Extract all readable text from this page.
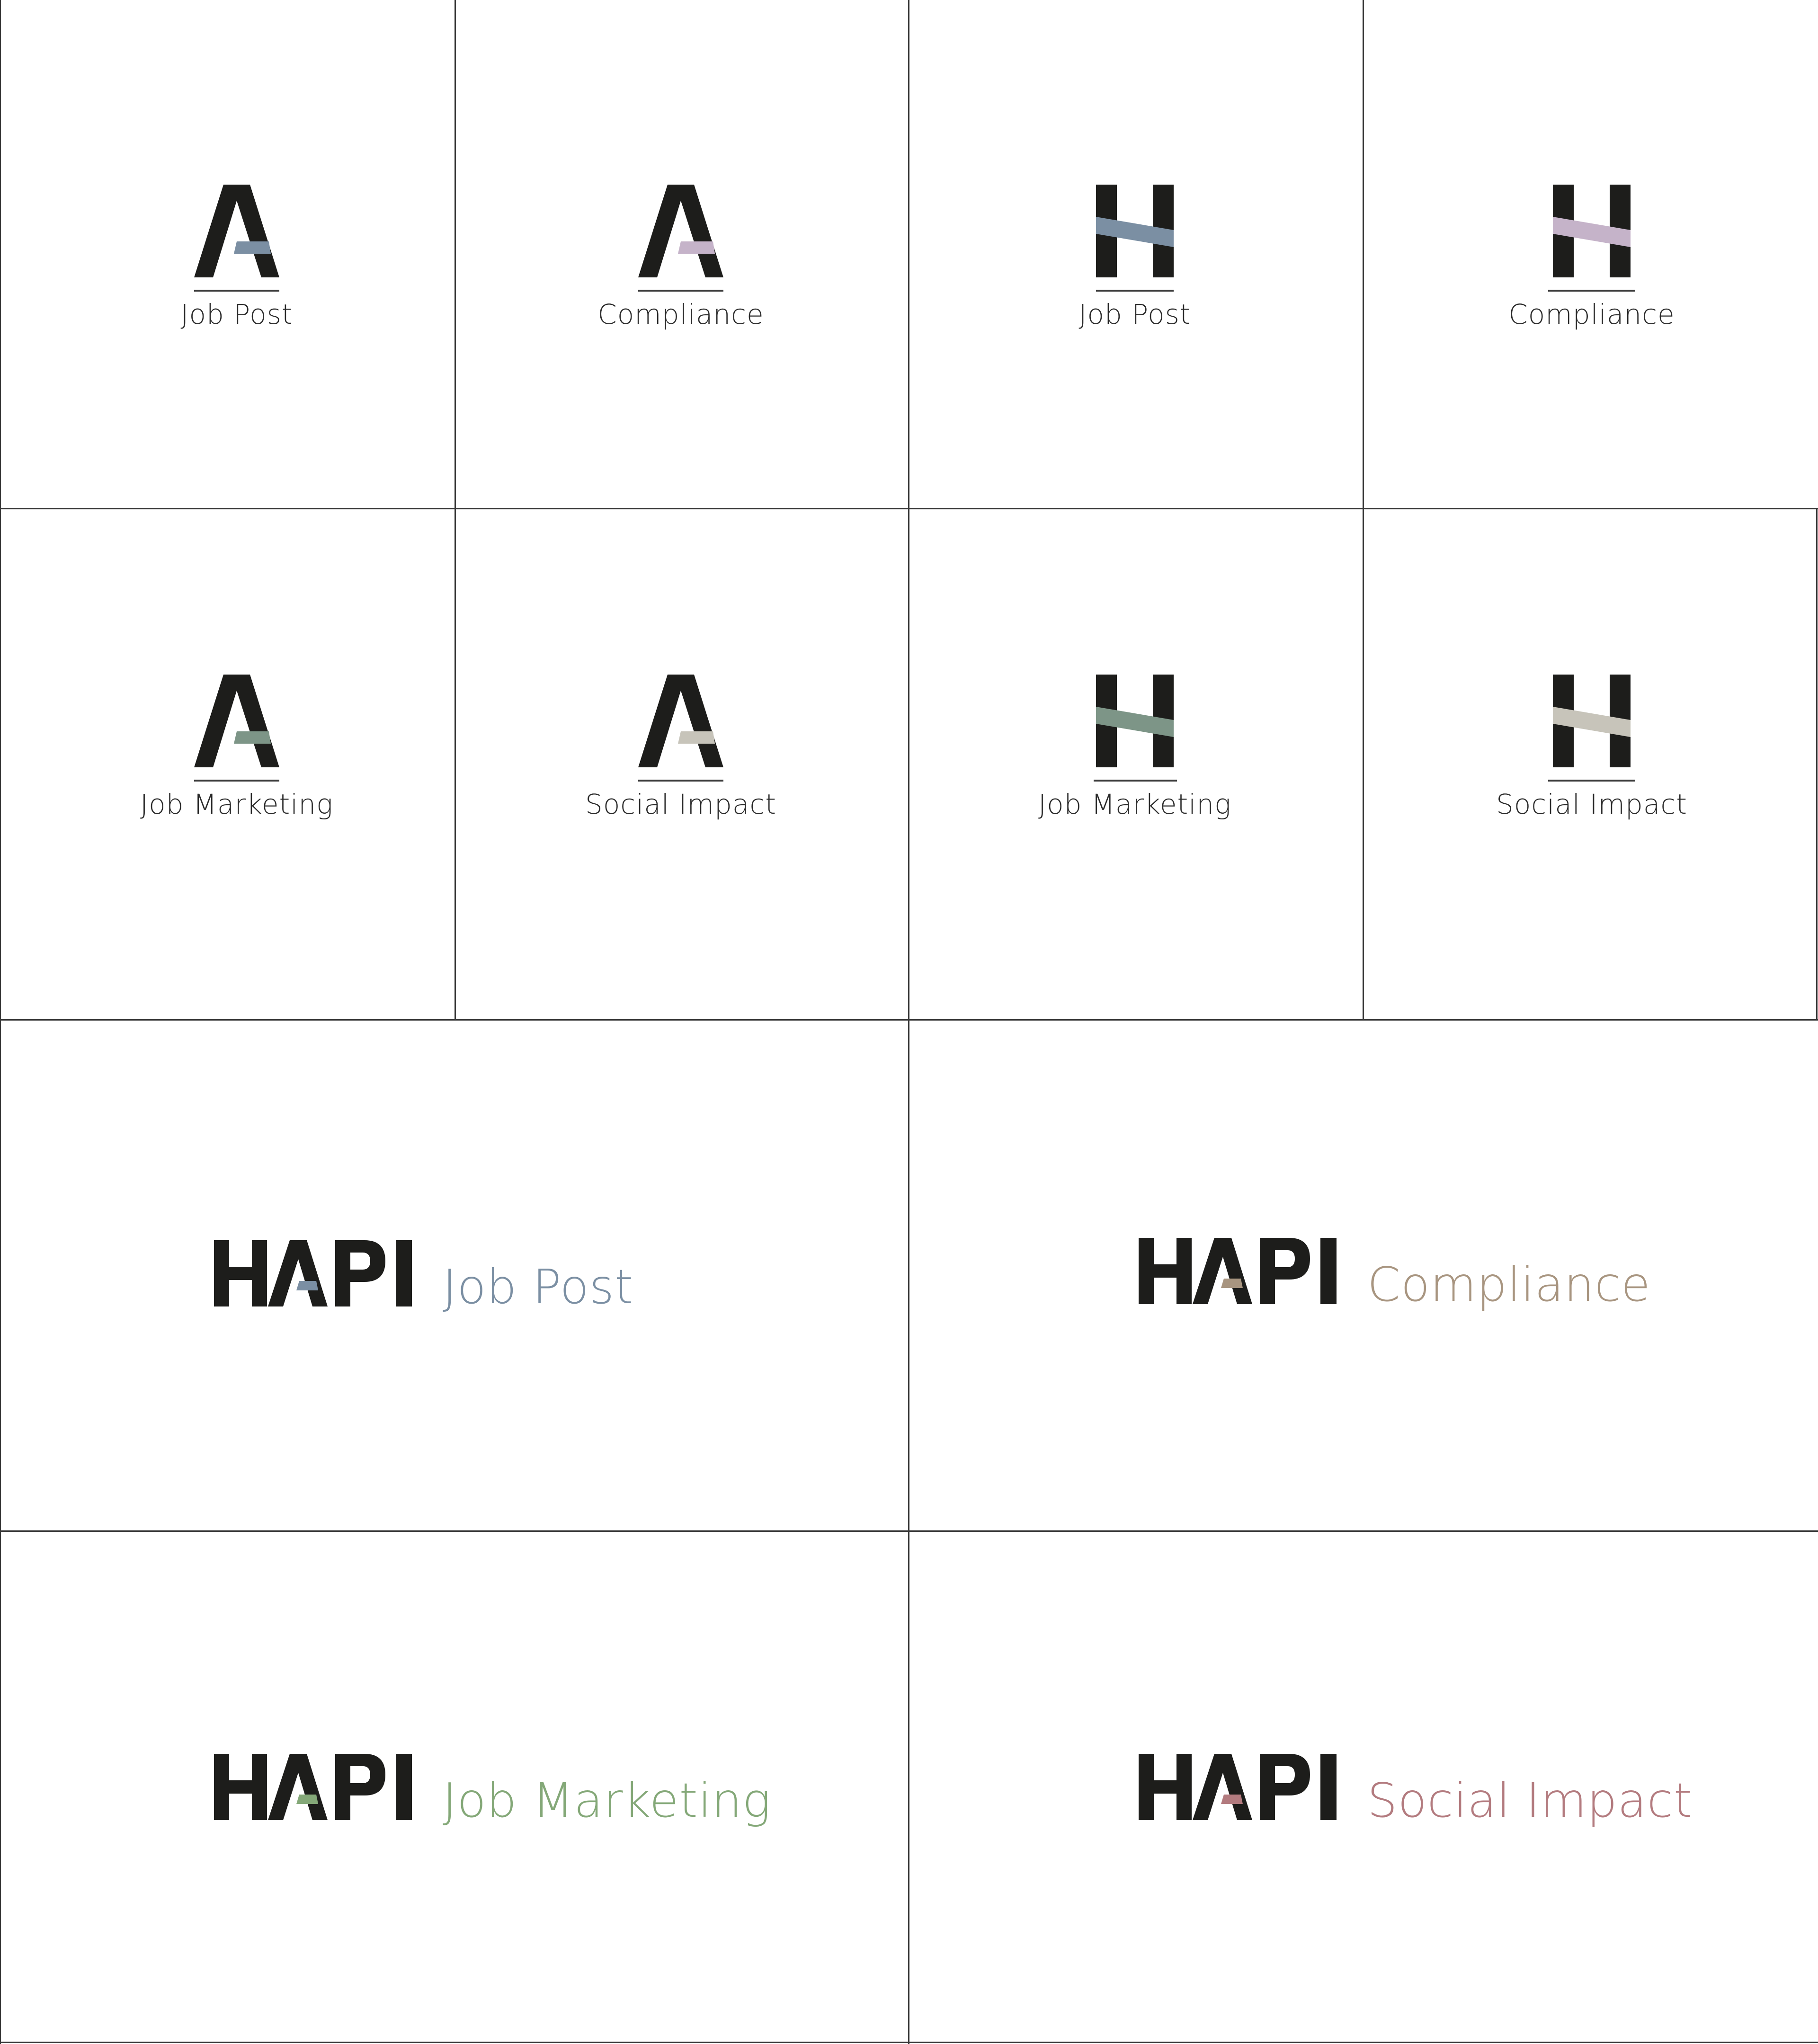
Job Post	Compliance	Job Post	Compliance
Job Marketing	Social Impact	Job Marketing	Social Impact
Job Post	Compliance
Job Marketing	Social Impact
